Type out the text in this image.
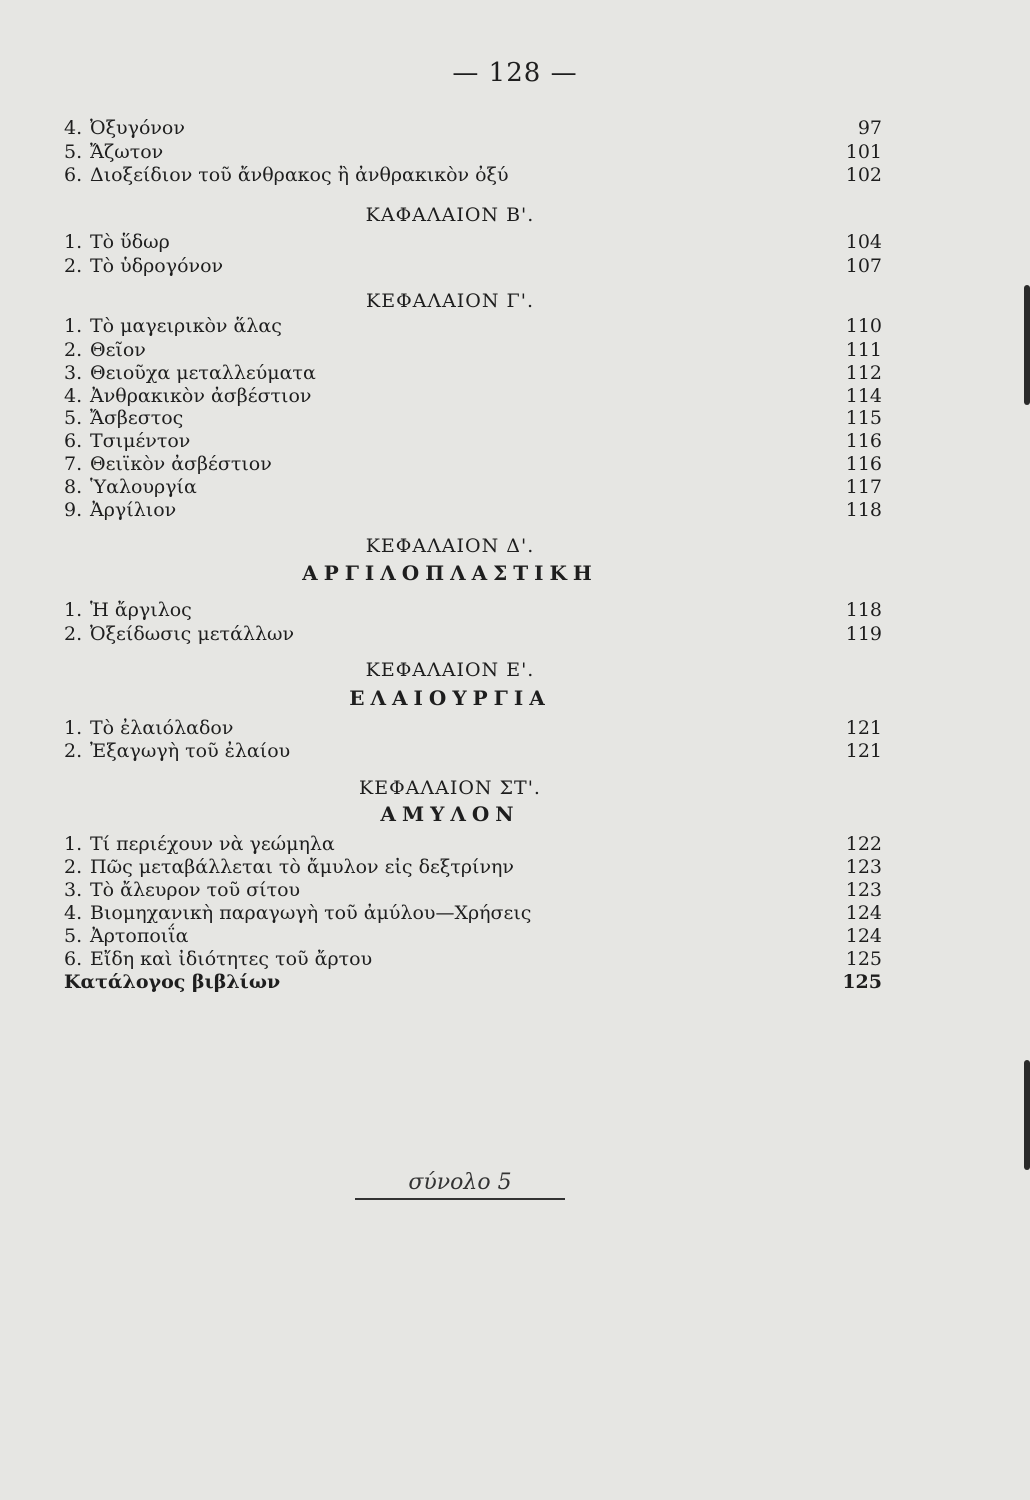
— 128 —
4. Ὀξυγόνον	97
5. Ἄζωτον	101
6. Διοξείδιον τοῦ ἄνθρακος ἢ ἀνθρακικὸν ὀξύ	102
ΚΑΦΑΛΑΙΟΝ Β'.
1. Τὸ ὕδωρ	104
2. Τὸ ὑδρογόνον	107
ΚΕΦΑΛΑΙΟΝ Γ'.
1. Τὸ μαγειρικὸν ἅλας	110
2. Θεῖον	111
3. Θειοῦχα μεταλλεύματα	112
4. Ἀνθρακικὸν ἀσβέστιον	114
5. Ἄσβεστος	115
6. Τσιμέντον	116
7. Θειϊκὸν ἀσβέστιον	116
8. Ὑαλουργία	117
9. Ἀργίλιον	118
ΚΕΦΑΛΑΙΟΝ Δ'.
ΑΡΓΙΛΟΠΛΑΣΤΙΚΗ
1. Ἡ ἄργιλος	118
2. Ὀξείδωσις μετάλλων	119
ΚΕΦΑΛΑΙΟΝ Ε'.
ΕΛΑΙΟΥΡΓΙΑ
1. Τὸ ἐλαιόλαδον	121
2. Ἐξαγωγὴ τοῦ ἐλαίου	121
ΚΕΦΑΛΑΙΟΝ ΣΤ'.
ΑΜΥΛΟΝ
1. Τί περιέχουν νὰ γεώμηλα	122
2. Πῶς μεταβάλλεται τὸ ἄμυλον εἰς δεξτρίνην	123
3. Τὸ ἄλευρον τοῦ σίτου	123
4. Βιομηχανικὴ παραγωγὴ τοῦ ἀμύλου—Χρήσεις	124
5. Ἀρτοποιΐα	124
6. Εἴδη καὶ ἰδιότητες τοῦ ἄρτου	125
Κατάλογος βιβλίων	125
σύνολο 5
